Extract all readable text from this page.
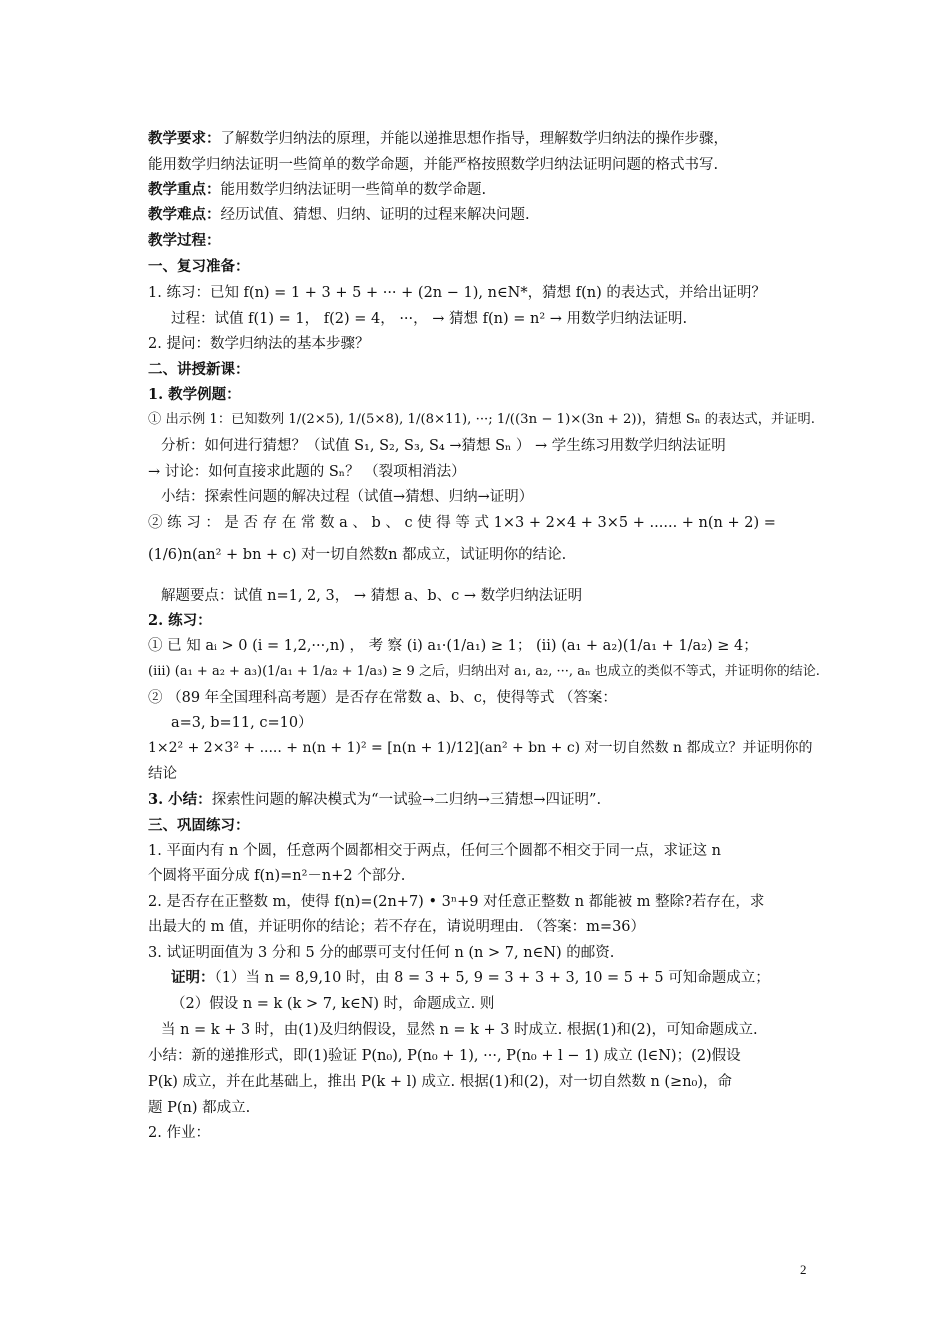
教学要求：了解数学归纳法的原理，并能以递推思想作指导，理解数学归纳法的操作步骤，
能用数学归纳法证明一些简单的数学命题，并能严格按照数学归纳法证明问题的格式书写.
教学重点：能用数学归纳法证明一些简单的数学命题.
教学难点：经历试值、猜想、归纳、证明的过程来解决问题.
教学过程：
一、复习准备：
1. 练习：已知 f(n) = 1 + 3 + 5 + ··· + (2n − 1), n∈N*，猜想 f(n) 的表达式，并给出证明？
过程：试值 f(1) = 1， f(2) = 4， ···， → 猜想 f(n) = n² → 用数学归纳法证明.
2. 提问：数学归纳法的基本步骤？
二、讲授新课：
1. 教学例题：
① 出示例 1：已知数列 1/(2×5), 1/(5×8), 1/(8×11), ···; 1/((3n − 1)×(3n + 2))，猜想 Sₙ 的表达式，并证明.
分析：如何进行猜想？（试值 S₁, S₂, S₃, S₄ →猜想 Sₙ ） → 学生练习用数学归纳法证明
→ 讨论：如何直接求此题的 Sₙ？ （裂项相消法）
小结：探索性问题的解决过程（试值→猜想、归纳→证明）
② 练 习 ： 是 否 存 在 常 数 a 、 b 、 c 使 得 等 式 1×3 + 2×4 + 3×5 + ...... + n(n + 2) =
(1/6)n(an² + bn + c) 对一切自然数n 都成立，试证明你的结论.
解题要点：试值 n=1, 2, 3， → 猜想 a、b、c → 数学归纳法证明
2. 练习：
① 已 知 aᵢ > 0 (i = 1,2,···,n) ， 考 察 (i) a₁·(1/a₁) ≥ 1； (ii) (a₁ + a₂)(1/a₁ + 1/a₂) ≥ 4；
(iii) (a₁ + a₂ + a₃)(1/a₁ + 1/a₂ + 1/a₃) ≥ 9 之后，归纳出对 a₁, a₂, ···, aₙ 也成立的类似不等式，并证明你的结论.
② （89 年全国理科高考题）是否存在常数 a、b、c，使得等式 （答案：
a=3, b=11, c=10）
1×2² + 2×3² + ..... + n(n + 1)² = [n(n + 1)/12](an² + bn + c) 对一切自然数 n 都成立？并证明你的
结论
3. 小结：探索性问题的解决模式为“一试验→二归纳→三猜想→四证明”.
三、巩固练习：
1. 平面内有 n 个圆，任意两个圆都相交于两点，任何三个圆都不相交于同一点，求证这 n
个圆将平面分成 f(n)=n²－n+2 个部分.
2. 是否存在正整数 m，使得 f(n)=(2n+7) • 3ⁿ+9 对任意正整数 n 都能被 m 整除?若存在，求
出最大的 m 值，并证明你的结论；若不存在，请说明理由. （答案：m=36）
3. 试证明面值为 3 分和 5 分的邮票可支付任何 n (n > 7, n∈N) 的邮资.
证明：（1）当 n = 8,9,10 时，由 8 = 3 + 5, 9 = 3 + 3 + 3, 10 = 5 + 5 可知命题成立；
（2）假设 n = k (k > 7, k∈N) 时，命题成立. 则
当 n = k + 3 时，由(1)及归纳假设，显然 n = k + 3 时成立. 根据(1)和(2)，可知命题成立.
小结：新的递推形式，即(1)验证 P(n₀), P(n₀ + 1), ···, P(n₀ + l − 1) 成立 (l∈N)；(2)假设
P(k) 成立，并在此基础上，推出 P(k + l) 成立. 根据(1)和(2)，对一切自然数 n (≥n₀)，命
题 P(n) 都成立.
2. 作业：
2
